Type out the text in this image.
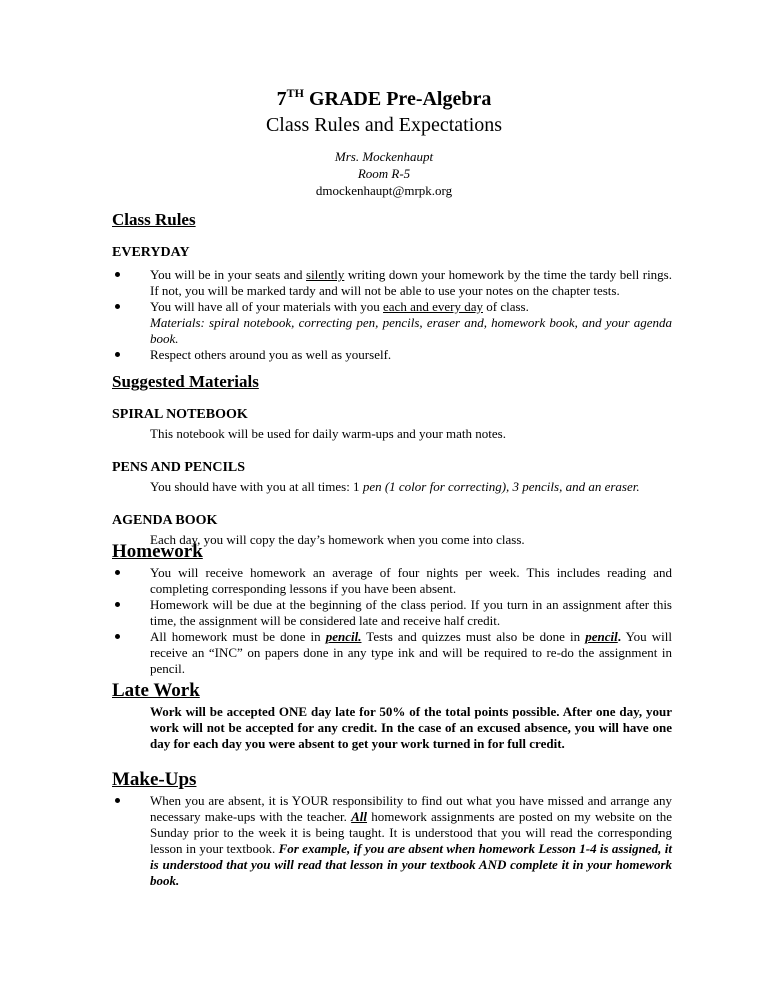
7TH GRADE Pre-Algebra

Class Rules and Expectations

Mrs. Mockenhaupt
Room R-5
dmockenhaupt@mrpk.org

Class Rules

EVERYDAY

You will be in your seats and silently writing down your homework by the time the tardy bell rings. If not, you will be marked tardy and will not be able to use your notes on the chapter tests.
You will have all of your materials with you each and every day of class.
Materials: spiral notebook, correcting pen, pencils, eraser and, homework book, and your agenda book.
Respect others around you as well as yourself.

Suggested Materials

SPIRAL NOTEBOOK

This notebook will be used for daily warm-ups and your math notes.

PENS AND PENCILS

You should have with you at all times: 1 pen (1 color for correcting), 3 pencils, and an eraser.

AGENDA BOOK

Each day, you will copy the day’s homework when you come into class.

Homework

You will receive homework an average of four nights per week. This includes reading and completing corresponding lessons if you have been absent.
Homework will be due at the beginning of the class period. If you turn in an assignment after this time, the assignment will be considered late and receive half credit.
All homework must be done in pencil. Tests and quizzes must also be done in pencil. You will receive an “INC” on papers done in any type ink and will be required to re-do the assignment in pencil.

Late Work

Work will be accepted ONE day late for 50% of the total points possible. After one day, your work will not be accepted for any credit. In the case of an excused absence, you will have one day for each day you were absent to get your work turned in for full credit.

Make-Ups

When you are absent, it is YOUR responsibility to find out what you have missed and arrange any necessary make-ups with the teacher. All homework assignments are posted on my website on the Sunday prior to the week it is being taught. It is understood that you will read the corresponding lesson in your textbook. For example, if you are absent when homework Lesson 1-4 is assigned, it is understood that you will read that lesson in your textbook AND complete it in your homework book.
